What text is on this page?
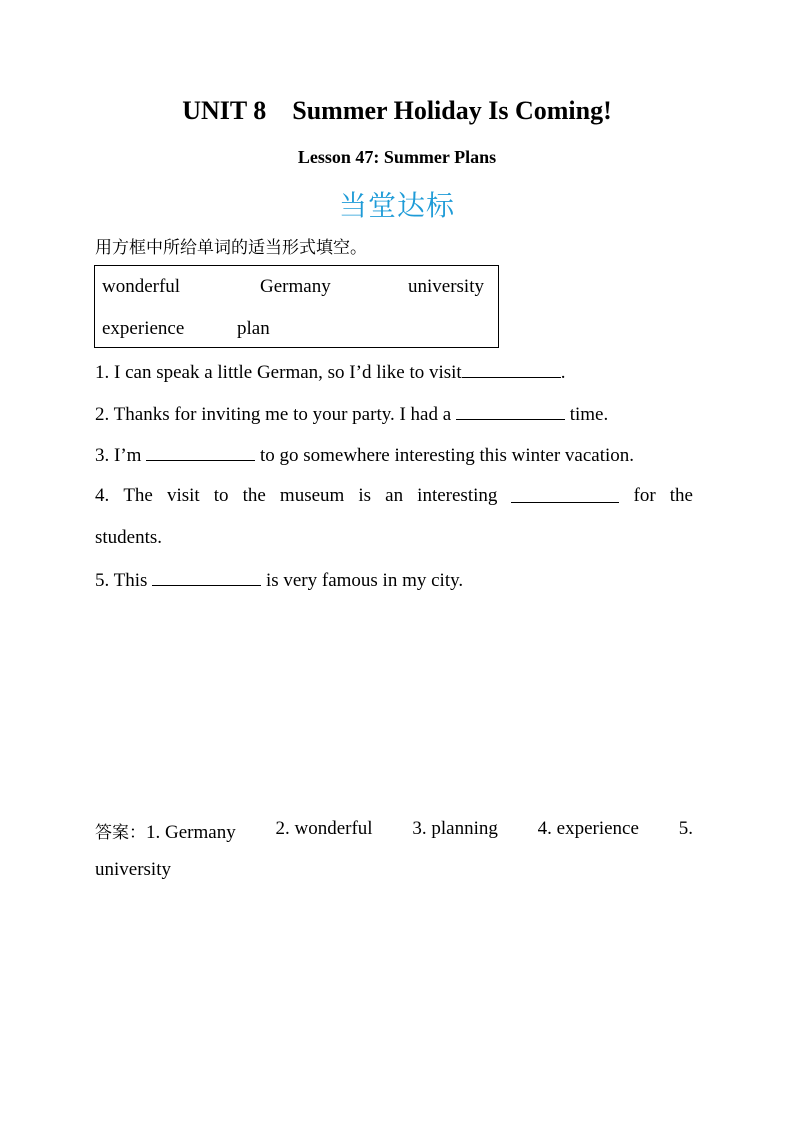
UNIT 8    Summer Holiday Is Coming!
Lesson 47: Summer Plans
当堂达标
用方框中所给单词的适当形式填空。
wonderful	Germany	university
experience	plan
1. I can speak a little German, so I’d like to visit	.
2. Thanks for inviting me to your party. I had a	time.
3. I’m	to go somewhere interesting this winter vacation.
4. The visit to the museum is an interesting	for the
students.
5. This	is very famous in my city.
答案：1. Germany 2. wonderful 3. planning 4. experience 5.
university
